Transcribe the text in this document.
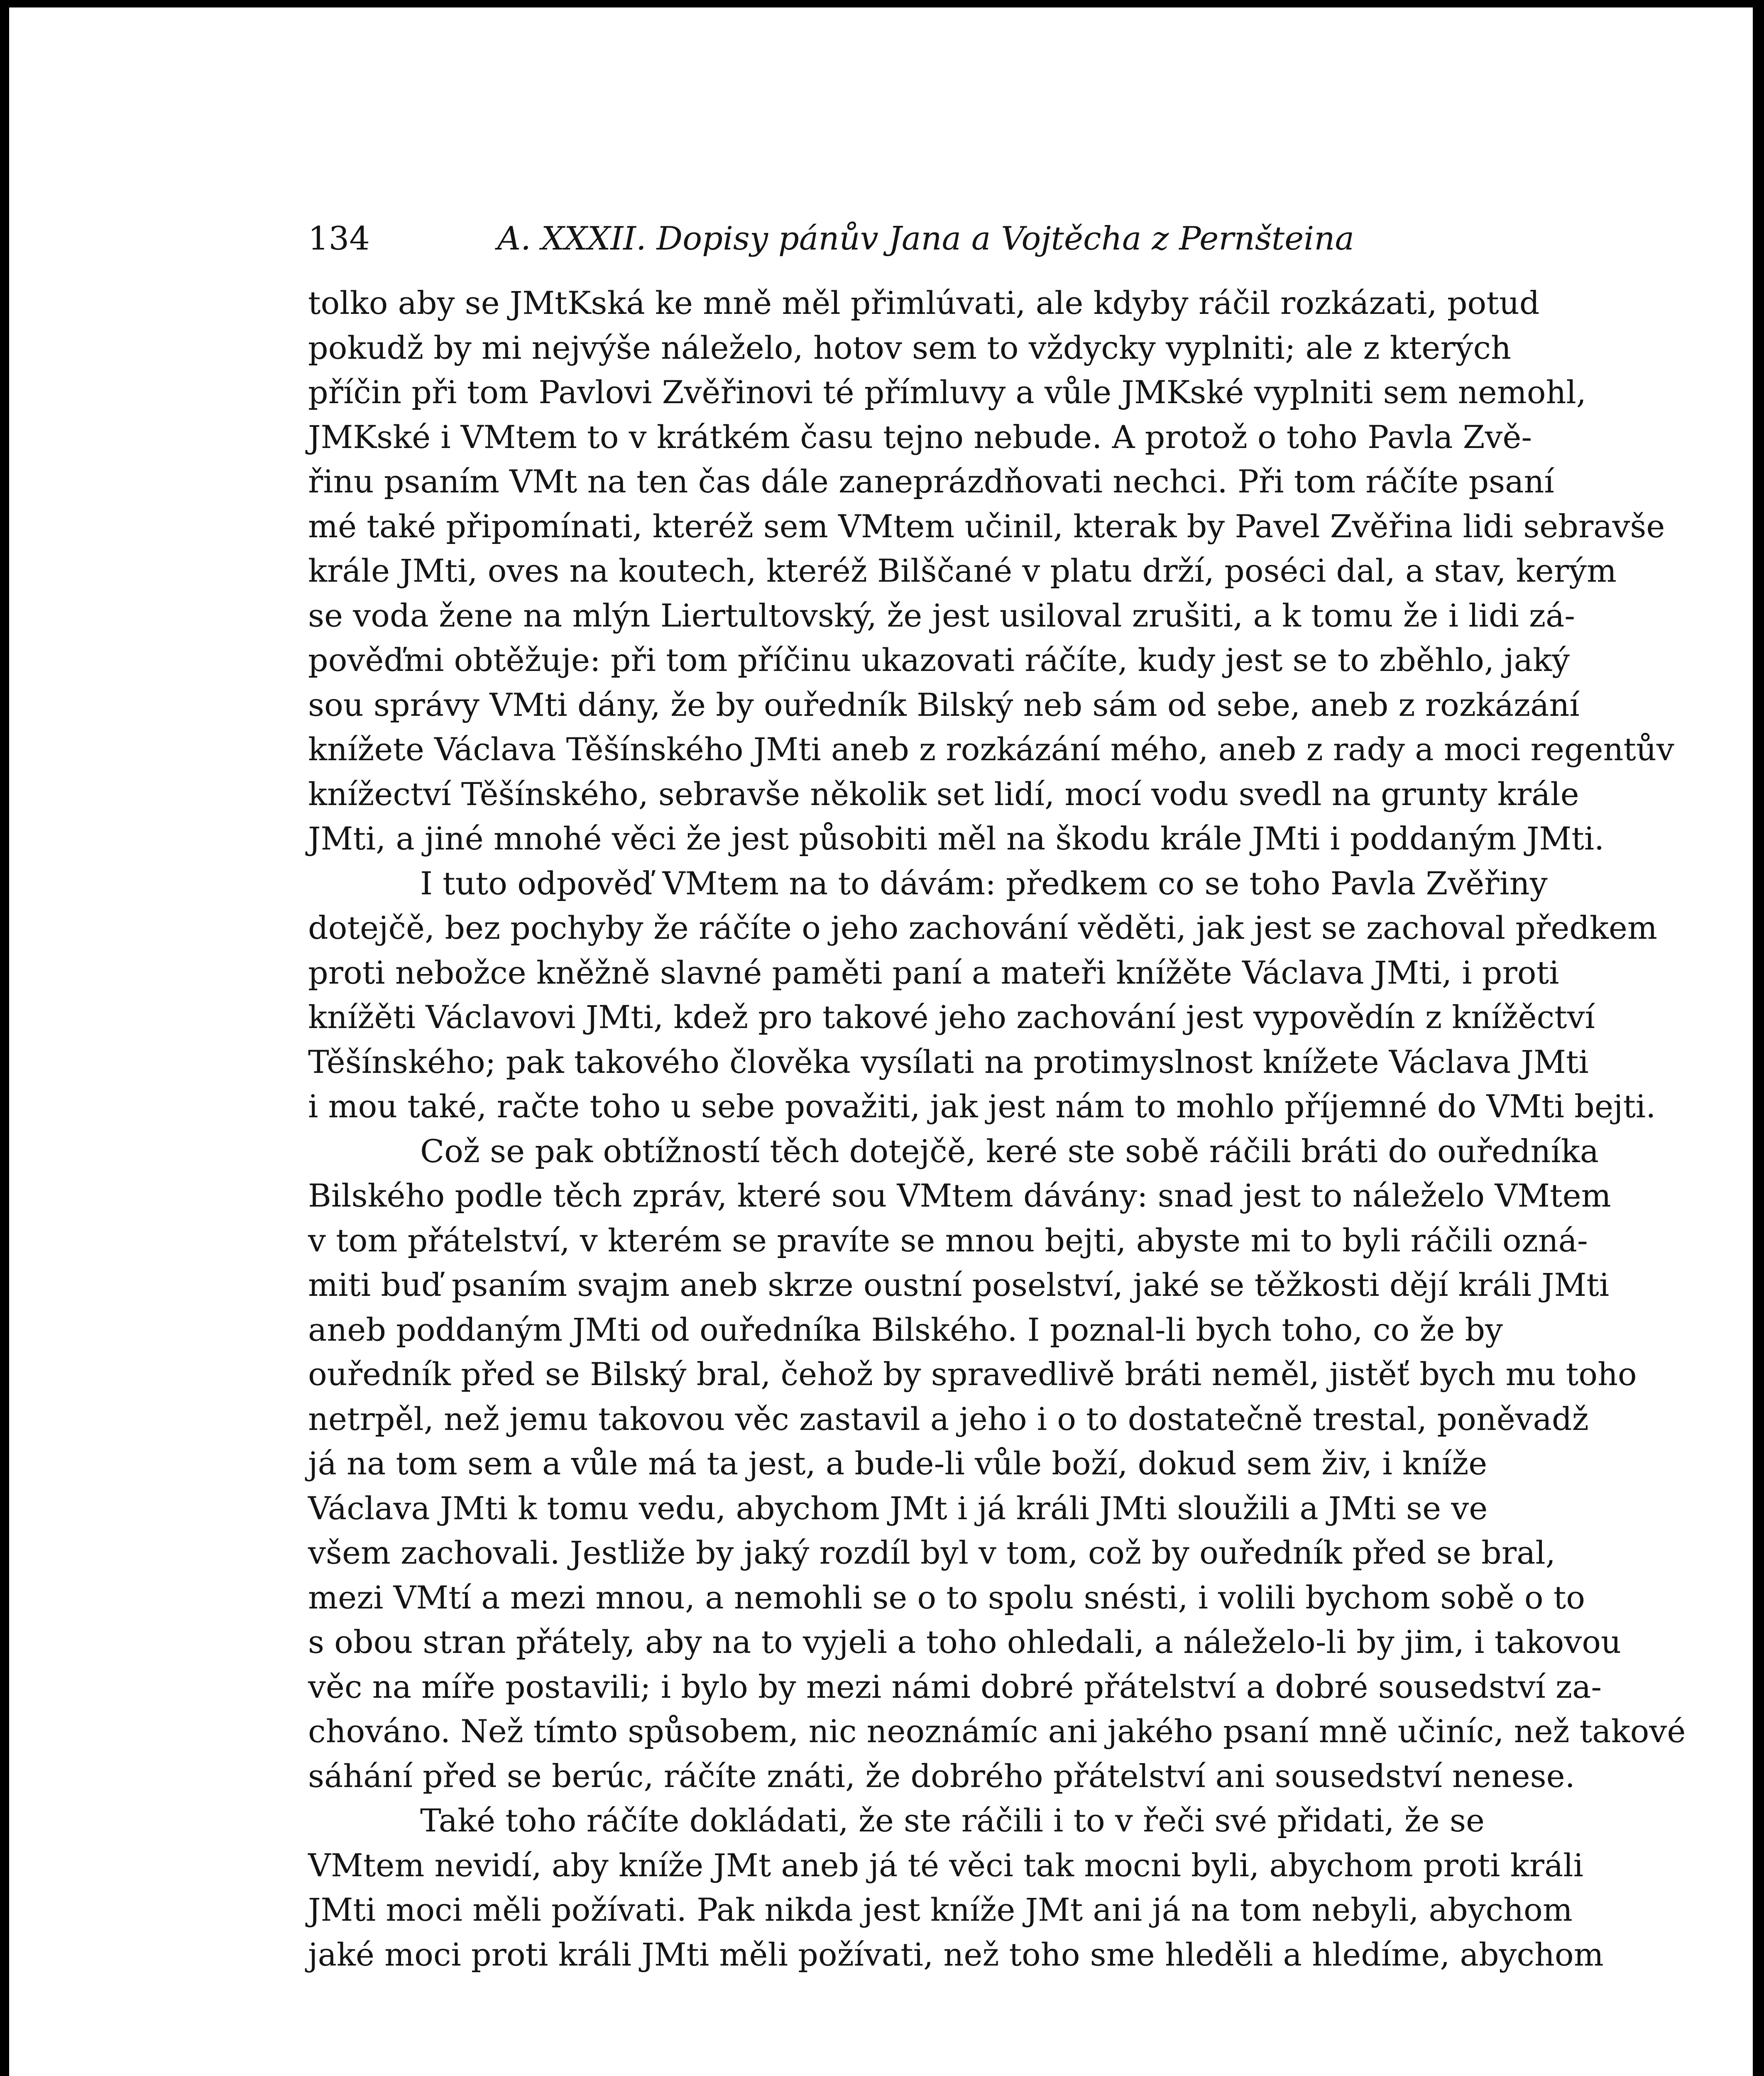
134	A. XXXII. Dopisy pánův Jana a Vojtěcha z Pernšteina
tolko aby se JMtKská ke mně měl přimlúvati, ale kdyby ráčil rozkázati, potud
pokudž by mi nejvýše náleželo, hotov sem to vždycky vyplniti; ale z kterých
příčin při tom Pavlovi Zvěřinovi té přímluvy a vůle JMKské vyplniti sem nemohl,
JMKské i VMtem to v krátkém času tejno nebude. A protož o toho Pavla Zvě-
řinu psaním VMt na ten čas dále zaneprázdňovati nechci. Při tom ráčíte psaní
mé také připomínati, kteréž sem VMtem učinil, kterak by Pavel Zvěřina lidi sebravše
krále JMti, oves na koutech, kteréž Bilščané v platu drží, poséci dal, a stav, kerým
se voda žene na mlýn Liertultovský, že jest usiloval zrušiti, a k tomu že i lidi zá-
pověďmi obtěžuje: při tom příčinu ukazovati ráčíte, kudy jest se to zběhlo, jaký
sou správy VMti dány, že by ouředník Bilský neb sám od sebe, aneb z rozkázání
knížete Václava Těšínského JMti aneb z rozkázání mého, aneb z rady a moci regentův
knížectví Těšínského, sebravše několik set lidí, mocí vodu svedl na grunty krále
JMti, a jiné mnohé věci že jest působiti měl na škodu krále JMti i poddaným JMti.
I tuto odpověď VMtem na to dávám: předkem co se toho Pavla Zvěřiny
dotejčě, bez pochyby že ráčíte o jeho zachování věděti, jak jest se zachoval předkem
proti nebožce kněžně slavné paměti paní a mateři knížěte Václava JMti, i proti
knížěti Václavovi JMti, kdež pro takové jeho zachování jest vypovědín z knížěctví
Těšínského; pak takového člověka vysílati na protimyslnost knížete Václava JMti
i mou také, račte toho u sebe považiti, jak jest nám to mohlo příjemné do VMti bejti.
Což se pak obtížností těch dotejčě, keré ste sobě ráčili bráti do ouředníka
Bilského podle těch zpráv, které sou VMtem dávány: snad jest to náleželo VMtem
v tom přátelství, v kterém se pravíte se mnou bejti, abyste mi to byli ráčili ozná-
miti buď psaním svajm aneb skrze oustní poselství, jaké se těžkosti dějí králi JMti
aneb poddaným JMti od ouředníka Bilského. I poznal-li bych toho, co že by
ouředník před se Bilský bral, čehož by spravedlivě bráti neměl, jistěť bych mu toho
netrpěl, než jemu takovou věc zastavil a jeho i o to dostatečně trestal, poněvadž
já na tom sem a vůle má ta jest, a bude-li vůle boží, dokud sem živ, i kníže
Václava JMti k tomu vedu, abychom JMt i já králi JMti sloužili a JMti se ve
všem zachovali. Jestliže by jaký rozdíl byl v tom, což by ouředník před se bral,
mezi VMtí a mezi mnou, a nemohli se o to spolu snésti, i volili bychom sobě o to
s obou stran přátely, aby na to vyjeli a toho ohledali, a náleželo-li by jim, i takovou
věc na míře postavili; i bylo by mezi námi dobré přátelství a dobré sousedství za-
chováno. Než tímto spůsobem, nic neoznámíc ani jakého psaní mně učiníc, než takové
sáhání před se berúc, ráčíte znáti, že dobrého přátelství ani sousedství nenese.
Také toho ráčíte dokládati, že ste ráčili i to v řeči své přidati, že se
VMtem nevidí, aby kníže JMt aneb já té věci tak mocni byli, abychom proti králi
JMti moci měli požívati. Pak nikda jest kníže JMt ani já na tom nebyli, abychom
jaké moci proti králi JMti měli požívati, než toho sme hleděli a hledíme, abychom
